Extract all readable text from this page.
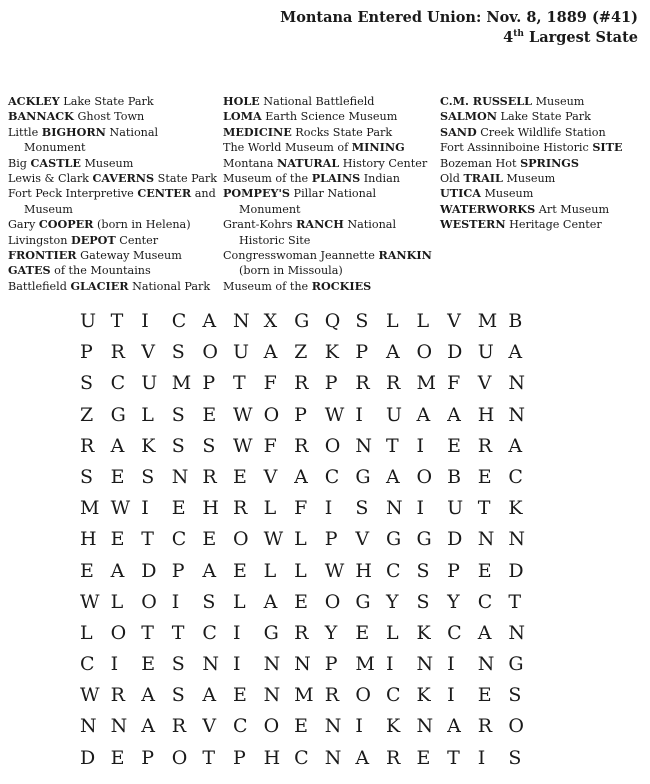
Montana Entered Union: Nov. 8, 1889 (#41)
4th Largest State
ACKLEY Lake State Park
BANNACK Ghost Town
Little BIGHORN National Monument
Big CASTLE Museum
Lewis & Clark CAVERNS State Park
Fort Peck Interpretive CENTER and Museum
Gary COOPER (born in Helena)
Livingston DEPOT Center
FRONTIER Gateway Museum
GATES of the Mountains
Battlefield GLACIER National Park
HOLE National Battlefield
LOMA Earth Science Museum
MEDICINE Rocks State Park
The World Museum of MINING
Montana NATURAL History Center
Museum of the PLAINS Indian
POMPEY'S Pillar National Monument
Grant-Kohrs RANCH National Historic Site
Congresswoman Jeannette RANKIN (born in Missoula)
Museum of the ROCKIES
C.M. RUSSELL Museum
SALMON Lake State Park
SAND Creek Wildlife Station
Fort Assinniboine Historic SITE
Bozeman Hot SPRINGS
Old TRAIL Museum
UTICA Museum
WATERWORKS Art Museum
WESTERN Heritage Center
U T I	C A N X G Q S L L V M B
P R V S O U A Z K P A O D U A
S C U M P T F R P R R M F V N
Z G L S E W O P W I	U A A H N
R A K S S W F R O N T I	E R A
S E S N R E V A C G A O B E C
M W I	E H R L F I	S N I	U T K
H E T C E O W L P V G G D N N
E A D P A E L L W H C S P E D
W L O I	S L A E O G Y S Y C T
L O T T C I	G R Y E L K C A N
C I	E S N I	N N P M I	N I	N G
W R A S A E N M R O C K I	E S
N N A R V C O E N I	K N A R O
D E P O T P H C N A R E T I	S
